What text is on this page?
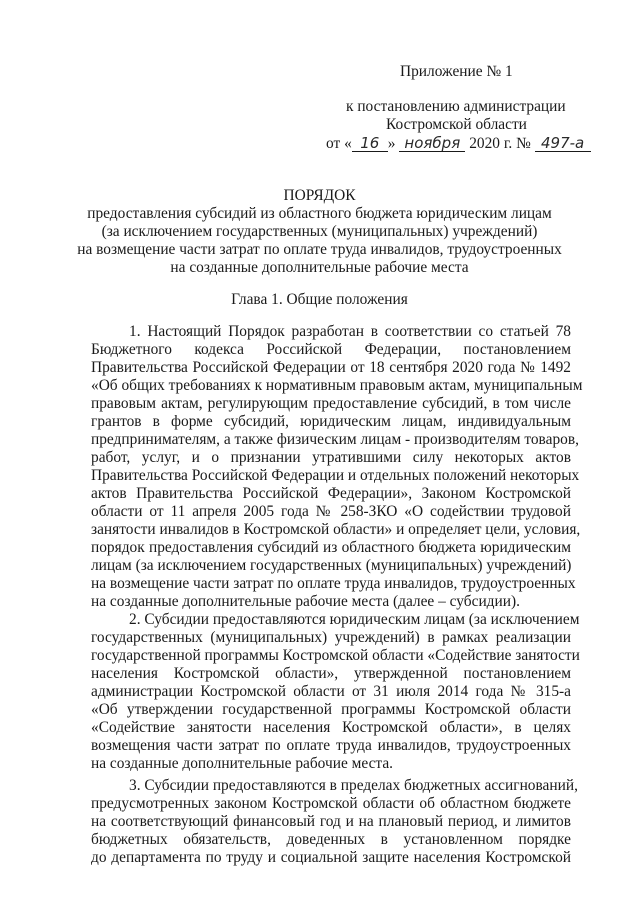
Приложение № 1
к постановлению администрации
Костромской области
от « 16 » ноября 2020 г. № 497-а
ПОРЯДОК
предоставления субсидий из областного бюджета юридическим лицам
(за исключением государственных (муниципальных) учреждений)
на возмещение части затрат по оплате труда инвалидов, трудоустроенных
на созданные дополнительные рабочие места
Глава 1. Общие положения
1. Настоящий Порядок разработан в соответствии со статьей 78
Бюджетного кодекса Российской Федерации, постановлением
Правительства Российской Федерации от 18 сентября 2020 года № 1492
«Об общих требованиях к нормативным правовым актам, муниципальным
правовым актам, регулирующим предоставление субсидий, в том числе
грантов в форме субсидий, юридическим лицам, индивидуальным
предпринимателям, а также физическим лицам - производителям товаров,
работ, услуг, и о признании утратившими силу некоторых актов
Правительства Российской Федерации и отдельных положений некоторых
актов Правительства Российской Федерации», Законом Костромской
области от 11 апреля 2005 года № 258-ЗКО «О содействии трудовой
занятости инвалидов в Костромской области» и определяет цели, условия,
порядок предоставления субсидий из областного бюджета юридическим
лицам (за исключением государственных (муниципальных) учреждений)
на возмещение части затрат по оплате труда инвалидов, трудоустроенных
на созданные дополнительные рабочие места (далее – субсидии).
2. Субсидии предоставляются юридическим лицам (за исключением
государственных (муниципальных) учреждений) в рамках реализации
государственной программы Костромской области «Содействие занятости
населения Костромской области», утвержденной постановлением
администрации Костромской области от 31 июля 2014 года № 315-а
«Об утверждении государственной программы Костромской области
«Содействие занятости населения Костромской области», в целях
возмещения части затрат по оплате труда инвалидов, трудоустроенных
на созданные дополнительные рабочие места.
3. Субсидии предоставляются в пределах бюджетных ассигнований,
предусмотренных законом Костромской области об областном бюджете
на соответствующий финансовый год и на плановый период, и лимитов
бюджетных обязательств, доведенных в установленном порядке
до департамента по труду и социальной защите населения Костромской
